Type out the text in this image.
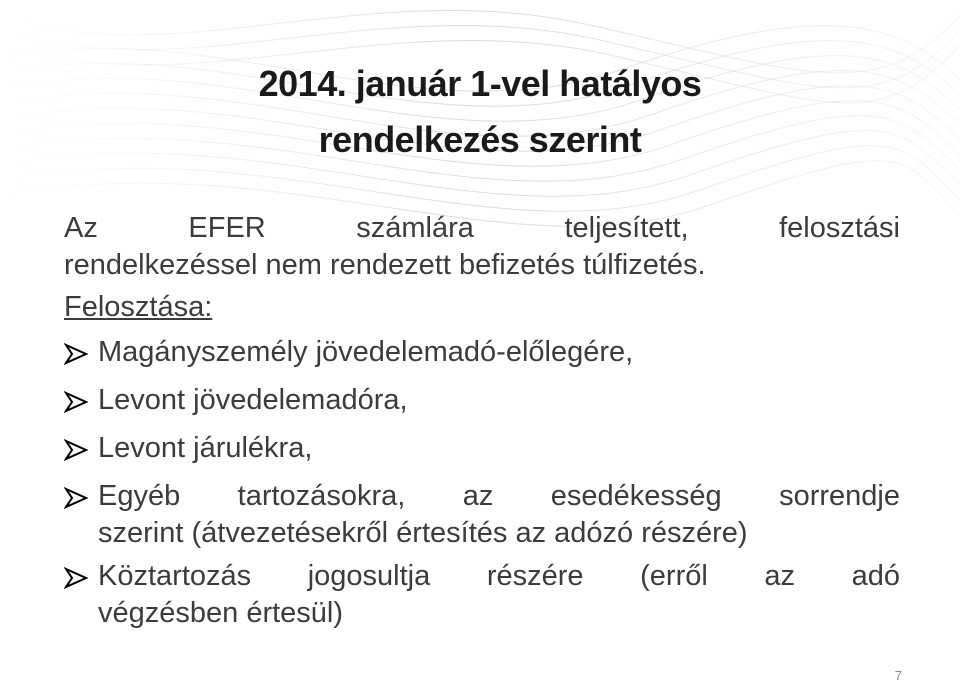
2014. január 1-vel hatályos
rendelkezés szerint
Az EFER számlára teljesített, felosztási
rendelkezéssel nem rendezett befizetés túlfizetés.
Felosztása:
Magányszemély jövedelemadó-előlegére,
Levont jövedelemadóra,
Levont járulékra,
Egyéb tartozásokra, az esedékesség sorrendje
szerint (átvezetésekről értesítés az adózó részére)
Köztartozás jogosultja részére (erről az adó
végzésben értesül)
7
